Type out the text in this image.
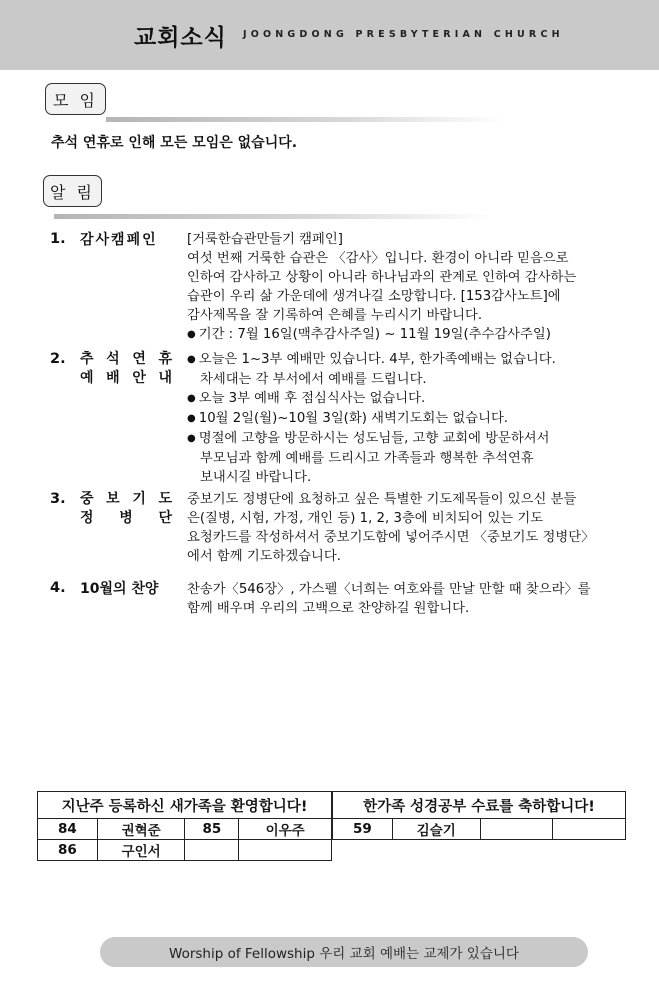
교회소식 JOONGDONG PRESBYTERIAN CHURCH
모 임
추석 연휴로 인해 모든 모임은 없습니다.
알 림
1. 감사캠페인	[거룩한습관만들기 캠페인]
여섯 번째 거룩한 습관은 〈감사〉입니다. 환경이 아니라 믿음으로
인하여 감사하고 상황이 아니라 하나님과의 관계로 인하여 감사하는
습관이 우리 삶 가운데에 생겨나길 소망합니다. [153감사노트]에
감사제목을 잘 기록하여 은혜를 누리시기 바랍니다.
● 기간 : 7월 16일(맥추감사주일) ~ 11월 19일(추수감사주일)
2. 추 석 연 휴
예 배 안 내
● 오늘은 1~3부 예배만 있습니다. 4부, 한가족예배는 없습니다.
차세대는 각 부서에서 예배를 드립니다.
● 오늘 3부 예배 후 점심식사는 없습니다.
● 10월 2일(월)~10월 3일(화) 새벽기도회는 없습니다.
● 명절에 고향을 방문하시는 성도님들, 고향 교회에 방문하셔서
부모님과 함께 예배를 드리시고 가족들과 행복한 추석연휴
보내시길 바랍니다.
3. 중 보 기 도
정 병 단
중보기도 정병단에 요청하고 싶은 특별한 기도제목들이 있으신 분들
은(질병, 시험, 가정, 개인 등) 1, 2, 3층에 비치되어 있는 기도
요청카드를 작성하셔서 중보기도함에 넣어주시면 〈중보기도 정병단〉
에서 함께 기도하겠습니다.
4. 10월의 찬양	찬송가〈546장〉, 가스펠〈너희는 여호와를 만날 만할 때 찾으라〉를
함께 배우며 우리의 고백으로 찬양하길 원합니다.
지난주 등록하신 새가족을 환영합니다!			
84	권혁준	85	이우주
86	구인서		
한가족 성경공부 수료를 축하합니다!
59	김슬기		
Worship of Fellowship 우리 교회 예배는 교제가 있습니다
